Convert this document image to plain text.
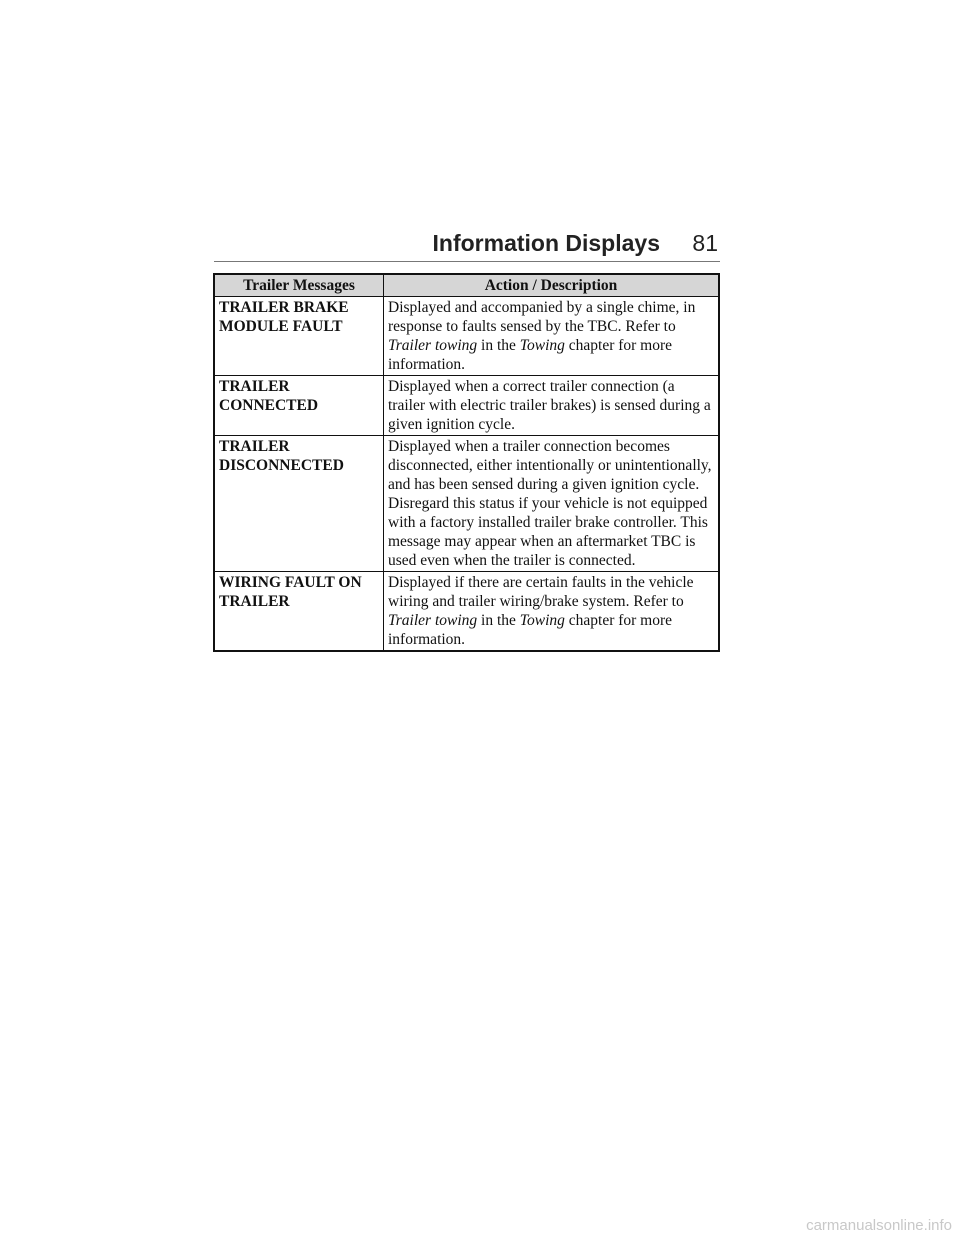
Information Displays 81
Trailer Messages	Action / Description
TRAILER BRAKE
MODULE FAULT	Displayed and accompanied by a single chime, in response to faults sensed by the TBC. Refer to Trailer towing in the Towing chapter for more information.
TRAILER
CONNECTED	Displayed when a correct trailer connection (a trailer with electric trailer brakes) is sensed during a given ignition cycle.
TRAILER
DISCONNECTED	Displayed when a trailer connection becomes disconnected, either intentionally or unintentionally, and has been sensed during a given ignition cycle. Disregard this status if your vehicle is not equipped with a factory installed trailer brake controller. This message may appear when an aftermarket TBC is used even when the trailer is connected.
WIRING FAULT ON
TRAILER	Displayed if there are certain faults in the vehicle wiring and trailer wiring/brake system. Refer to Trailer towing in the Towing chapter for more information.
carmanualsonline.info
